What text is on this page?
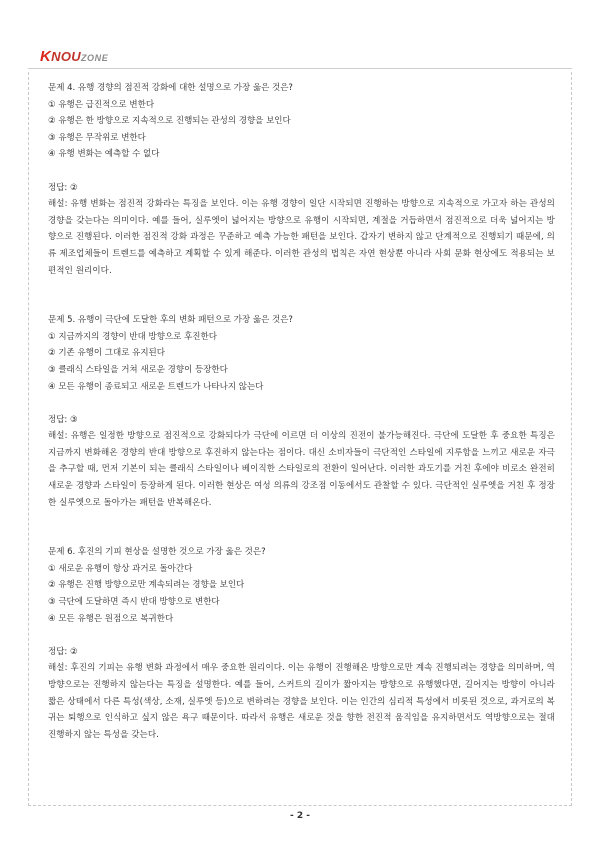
KNOUZONE
문제 4. 유행 경향의 점진적 강화에 대한 설명으로 가장 옳은 것은?
① 유행은 급진적으로 변한다
② 유행은 한 방향으로 지속적으로 진행되는 관성의 경향을 보인다
③ 유행은 무작위로 변한다
④ 유행 변화는 예측할 수 없다
정답: ②
해설: 유행 변화는 점진적 강화라는 특징을 보인다. 이는 유행 경향이 일단 시작되면 진행하는 방향으로 지속적으로 가고자 하는 관성의 경향을 갖는다는 의미이다. 예를 들어, 실루엣이 넓어지는 방향으로 유행이 시작되면, 계절을 거듭하면서 점진적으로 더욱 넓어지는 방향으로 진행된다. 이러한 점진적 강화 과정은 꾸준하고 예측 가능한 패턴을 보인다. 갑자기 변하지 않고 단계적으로 진행되기 때문에, 의류 제조업체들이 트렌드를 예측하고 계획할 수 있게 해준다. 이러한 관성의 법칙은 자연 현상뿐 아니라 사회 문화 현상에도 적용되는 보편적인 원리이다.
문제 5. 유행이 극단에 도달한 후의 변화 패턴으로 가장 옳은 것은?
① 지금까지의 경향이 반대 방향으로 후진한다
② 기존 유행이 그대로 유지된다
③ 클래식 스타일을 거쳐 새로운 경향이 등장한다
④ 모든 유행이 종료되고 새로운 트렌드가 나타나지 않는다
정답: ③
해설: 유행은 일정한 방향으로 점진적으로 강화되다가 극단에 이르면 더 이상의 진전이 불가능해진다. 극단에 도달한 후 중요한 특징은 지금까지 변화해온 경향의 반대 방향으로 후진하지 않는다는 점이다. 대신 소비자들이 극단적인 스타일에 지루함을 느끼고 새로운 자극을 추구할 때, 먼저 기본이 되는 클래식 스타일이나 베이직한 스타일로의 전환이 일어난다. 이러한 과도기를 거친 후에야 비로소 완전히 새로운 경향과 스타일이 등장하게 된다. 이러한 현상은 여성 의류의 강조점 이동에서도 관찰할 수 있다. 극단적인 실루엣을 거친 후 정장한 실루엣으로 돌아가는 패턴을 반복해온다.
문제 6. 후진의 기피 현상을 설명한 것으로 가장 옳은 것은?
① 새로운 유행이 항상 과거로 돌아간다
② 유행은 진행 방향으로만 계속되려는 경향을 보인다
③ 극단에 도달하면 즉시 반대 방향으로 변한다
④ 모든 유행은 원점으로 복귀한다
정답: ②
해설: 후진의 기피는 유행 변화 과정에서 매우 중요한 원리이다. 이는 유행이 진행해온 방향으로만 계속 진행되려는 경향을 의미하며, 역방향으로는 진행하지 않는다는 특징을 설명한다. 예를 들어, 스커트의 길이가 짧아지는 방향으로 유행했다면, 길어지는 방향이 아니라 짧은 상태에서 다른 특성(색상, 소재, 실루엣 등)으로 변하려는 경향을 보인다. 이는 인간의 심리적 특성에서 비롯된 것으로, 과거로의 복귀는 퇴행으로 인식하고 싶지 않은 욕구 때문이다. 따라서 유행은 새로운 것을 향한 전진적 움직임을 유지하면서도 역방향으로는 절대 진행하지 않는 특성을 갖는다.
- 2 -
